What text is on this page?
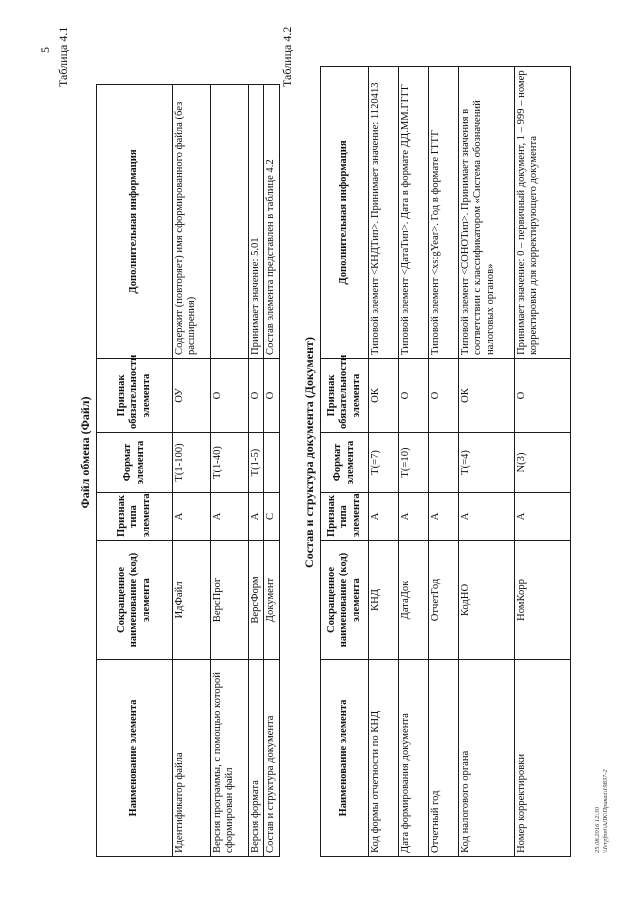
5 Таблица 4.1
Файл обмена (Файл)
Наименование элемента	Сокращенное наименование (код) элемента	Признак типа элемента	Формат элемента	Признак обязательности элемента	Дополнительная информация
Идентификатор файла	ИдФайл	А	Т(1-100)	ОУ	Содержит (повторяет) имя сформированного файла (без расширения)
Версия программы, с помощью которой сформирован файл	ВерсПрог	А	Т(1-40)	О	
Версия формата	ВерсФорм	А	Т(1-5)	О	Принимает значение: 5.01
Состав и структура документа	Документ	С		О	Состав элемента представлен в таблице 4.2
Таблица 4.2
Состав и структура документа (Документ)
Наименование элемента	Сокращенное наименование (код) элемента	Признак типа элемента	Формат элемента	Признак обязательности элемента	Дополнительная информация
Код формы отчетности по КНД	КНД	А	Т(=7)	ОК	Типовой элемент <КНДТип>. Принимает значение: 1120413
Дата формирования документа	ДатаДок	А	Т(=10)	О	Типовой элемент <ДатаТип>. Дата в формате ДД.ММ.ГГГГ
Отчетный год	ОтчетГод	А		О	Типовой элемент <xs:gYear>. Год в формате ГГГГ
Код налогового органа	КодНО	А	Т(=4)	ОК	Типовой элемент <СОНОТип>. Принимает значения в соответствии с классификатором «Система обозначений налоговых органов»
Номер корректировки	НомКорр	А	N(3)	О	Принимает значение: 0 – первичный документ, 1 – 999 – номер корректировки для корректирующего документа
25.08.2016 12:30 \\Ivrpfnet\АЛК\Приказ\19837-2
